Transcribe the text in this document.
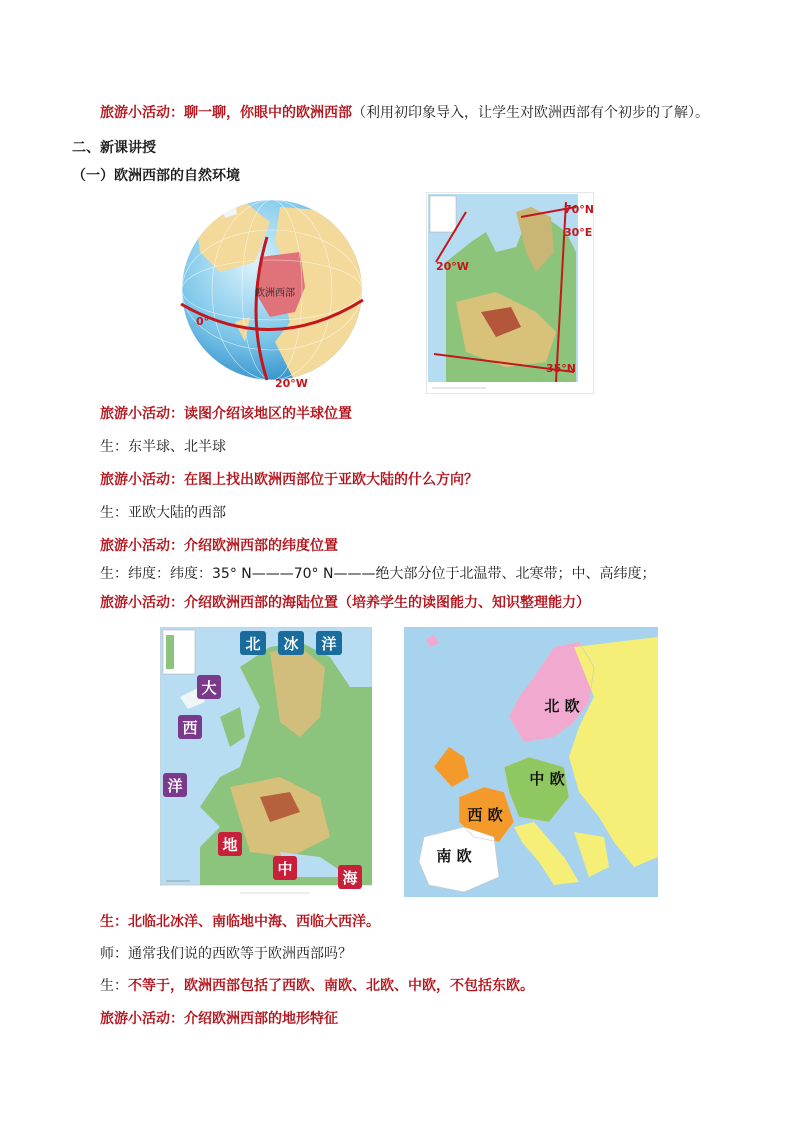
旅游小活动：聊一聊，你眼中的欧洲西部（利用初印象导入，让学生对欧洲西部有个初步的了解）。
二、新课讲授
（一）欧洲西部的自然环境
欧洲西部
0°
20°W
70°N
30°E
20°W
35°N
旅游小活动：读图介绍该地区的半球位置
生：东半球、北半球
旅游小活动：在图上找出欧洲西部位于亚欧大陆的什么方向？
生：亚欧大陆的西部
旅游小活动：介绍欧洲西部的纬度位置
生：纬度：纬度：35° N———70° N———绝大部分位于北温带、北寒带；中、高纬度；
旅游小活动：介绍欧洲西部的海陆位置（培养学生的读图能力、知识整理能力）
北 冰 洋
大
西
洋
地
中	海
北 欧
中 欧
西 欧
南 欧
生：北临北冰洋、南临地中海、西临大西洋。
师：通常我们说的西欧等于欧洲西部吗？
生：不等于，欧洲西部包括了西欧、南欧、北欧、中欧，不包括东欧。
旅游小活动：介绍欧洲西部的地形特征
